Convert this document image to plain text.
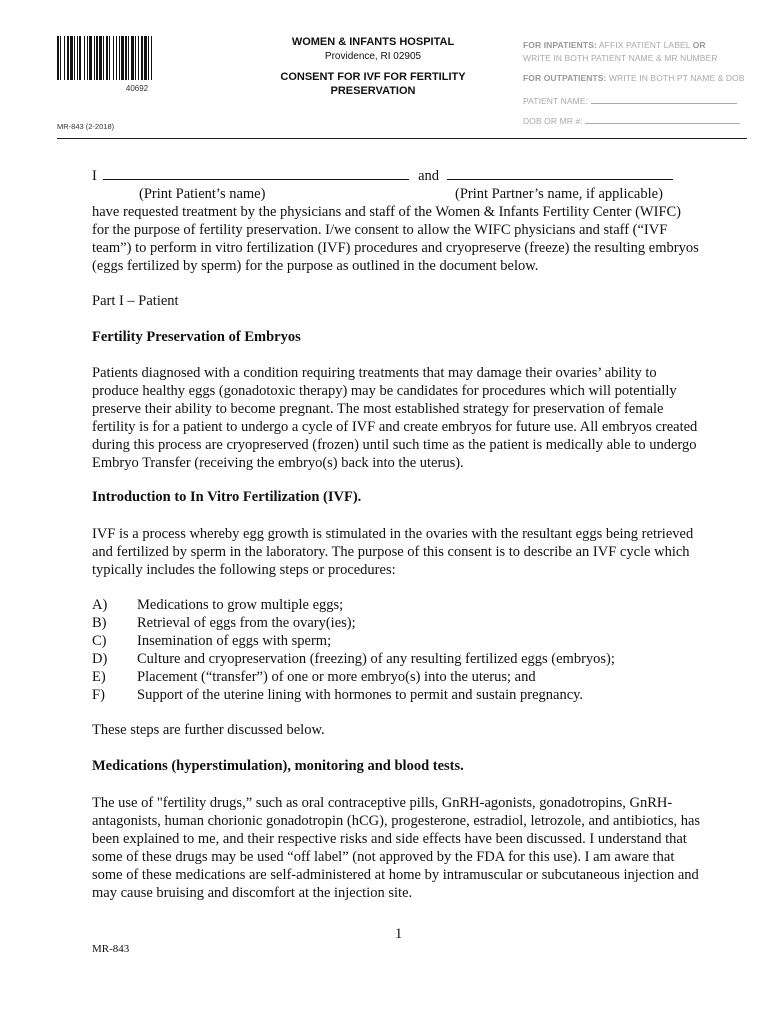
40692
MR-843 (2-2018)
WOMEN & INFANTS HOSPITAL
Providence, RI 02905
CONSENT FOR IVF FOR FERTILITY
PRESERVATION
FOR INPATIENTS: AFFIX PATIENT LABEL OR
WRITE IN BOTH PATIENT NAME & MR NUMBER
FOR OUTPATIENTS: WRITE IN BOTH PT NAME & DOB
PATIENT NAME:
DOB OR MR #:
I	and
(Print Patient’s name)	(Print Partner’s name, if applicable)
have requested treatment by the physicians and staff of the Women & Infants Fertility Center (WIFC)
for the purpose of fertility preservation. I/we consent to allow the WIFC physicians and staff (“IVF
team”) to perform in vitro fertilization (IVF) procedures and cryopreserve (freeze) the resulting embryos
(eggs fertilized by sperm) for the purpose as outlined in the document below.
Part I – Patient
Fertility Preservation of Embryos
Patients diagnosed with a condition requiring treatments that may damage their ovaries’ ability to
produce healthy eggs (gonadotoxic therapy) may be candidates for procedures which will potentially
preserve their ability to become pregnant. The most established strategy for preservation of female
fertility is for a patient to undergo a cycle of IVF and create embryos for future use. All embryos created
during this process are cryopreserved (frozen) until such time as the patient is medically able to undergo
Embryo Transfer (receiving the embryo(s) back into the uterus).
Introduction to In Vitro Fertilization (IVF).
IVF is a process whereby egg growth is stimulated in the ovaries with the resultant eggs being retrieved
and fertilized by sperm in the laboratory. The purpose of this consent is to describe an IVF cycle which
typically includes the following steps or procedures:
A) Medications to grow multiple eggs;
B) Retrieval of eggs from the ovary(ies);
C) Insemination of eggs with sperm;
D) Culture and cryopreservation (freezing) of any resulting fertilized eggs (embryos);
E) Placement (“transfer”) of one or more embryo(s) into the uterus; and
F) Support of the uterine lining with hormones to permit and sustain pregnancy.
These steps are further discussed below.
Medications (hyperstimulation), monitoring and blood tests.
The use of "fertility drugs,” such as oral contraceptive pills, GnRH-agonists, gonadotropins, GnRH-
antagonists, human chorionic gonadotropin (hCG), progesterone, estradiol, letrozole, and antibiotics, has
been explained to me, and their respective risks and side effects have been discussed. I understand that
some of these drugs may be used “off label” (not approved by the FDA for this use). I am aware that
some of these medications are self-administered at home by intramuscular or subcutaneous injection and
may cause bruising and discomfort at the injection site.
1
MR-843
